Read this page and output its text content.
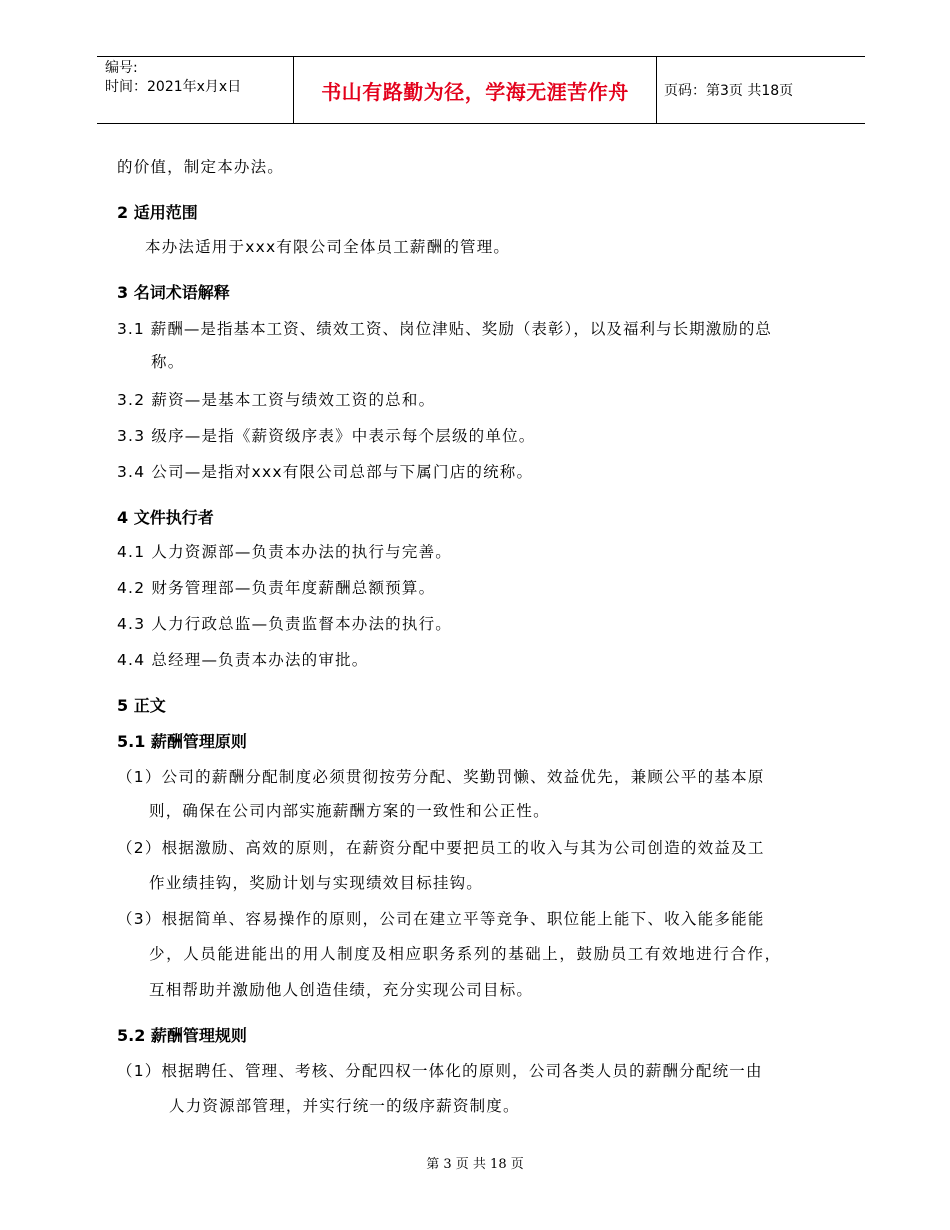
编号:
时间：2021年x月x日	书山有路勤为径，学海无涯苦作舟	页码：第3页 共18页
的价值，制定本办法。
2 适用范围
本办法适用于xxx有限公司全体员工薪酬的管理。
3 名词术语解释
3.1 薪酬—是指基本工资、绩效工资、岗位津贴、奖励（表彰），以及福利与长期激励的总
称。
3.2 薪资—是基本工资与绩效工资的总和。
3.3 级序—是指《薪资级序表》中表示每个层级的单位。
3.4 公司—是指对xxx有限公司总部与下属门店的统称。
4 文件执行者
4.1 人力资源部—负责本办法的执行与完善。
4.2 财务管理部—负责年度薪酬总额预算。
4.3 人力行政总监—负责监督本办法的执行。
4.4 总经理—负责本办法的审批。
5 正文
5.1 薪酬管理原则
（1）公司的薪酬分配制度必须贯彻按劳分配、奖勤罚懒、效益优先，兼顾公平的基本原
则，确保在公司内部实施薪酬方案的一致性和公正性。
（2）根据激励、高效的原则，在薪资分配中要把员工的收入与其为公司创造的效益及工
作业绩挂钩，奖励计划与实现绩效目标挂钩。
（3）根据简单、容易操作的原则，公司在建立平等竞争、职位能上能下、收入能多能能
少，人员能进能出的用人制度及相应职务系列的基础上，鼓励员工有效地进行合作，
互相帮助并激励他人创造佳绩，充分实现公司目标。
5.2 薪酬管理规则
（1）根据聘任、管理、考核、分配四权一体化的原则，公司各类人员的薪酬分配统一由
人力资源部管理，并实行统一的级序薪资制度。
第 3 页 共 18 页
